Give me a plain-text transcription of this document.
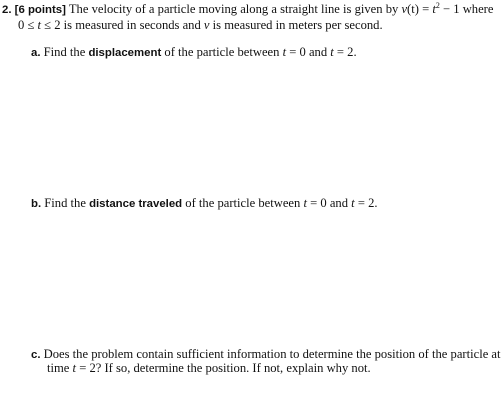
2. [6 points] The velocity of a particle moving along a straight line is given by $v(t) = t^2 - 1$ where
0 ≤ t ≤ 2 is measured in seconds and v is measured in meters per second.
a. Find the displacement of the particle between t = 0 and t = 2.
b. Find the distance traveled of the particle between t = 0 and t = 2.
c. Does the problem contain sufficient information to determine the position of the particle at
time t = 2? If so, determine the position. If not, explain why not.
